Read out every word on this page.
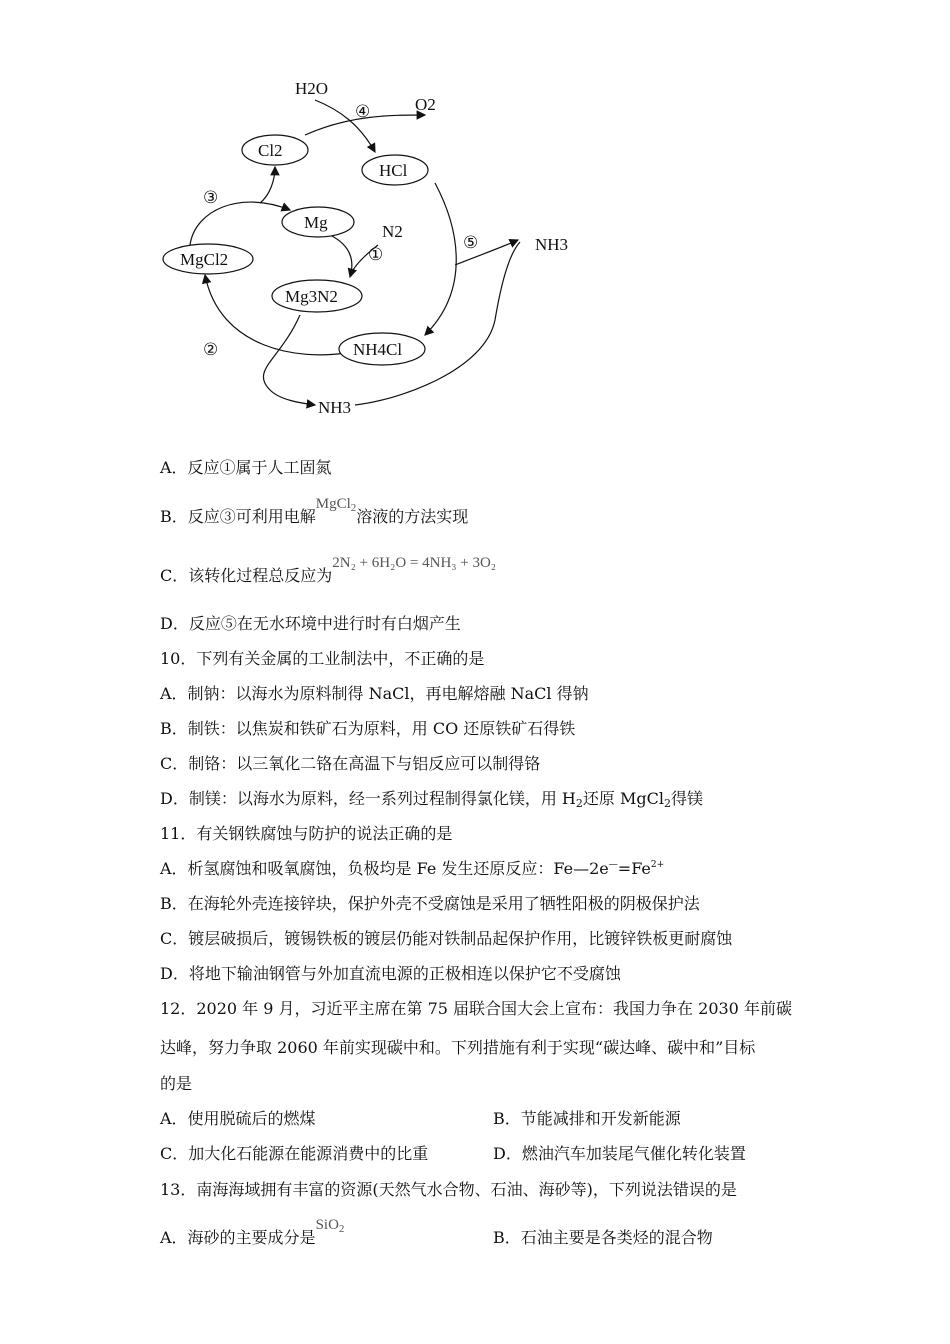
Cl2
HCl
Mg
MgCl2
Mg3N2
NH4Cl
H2O
O2
N2
NH3
NH3
①
②
③
④
⑤
A．反应①属于人工固氮
B．反应③可利用电解MgCl$_2$溶液的方法实现
C．该转化过程总反应为2N₂ + 6H₂O = 4NH₃ + 3O₂
D．反应⑤在无水环境中进行时有白烟产生
10．下列有关金属的工业制法中，不正确的是
A．制钠：以海水为原料制得 NaCl，再电解熔融 NaCl 得钠
B．制铁：以焦炭和铁矿石为原料，用 CO 还原铁矿石得铁
C．制铬：以三氧化二铬在高温下与铝反应可以制得铬
D．制镁：以海水为原料，经一系列过程制得氯化镁，用 H2还原 MgCl2得镁
11．有关钢铁腐蚀与防护的说法正确的是
A．析氢腐蚀和吸氧腐蚀，负极均是 Fe 发生还原反应：$Fe—2e^—=Fe^{2+}$
B．在海轮外壳连接锌块，保护外壳不受腐蚀是采用了牺牲阳极的阴极保护法
C．镀层破损后，镀锡铁板的镀层仍能对铁制品起保护作用，比镀锌铁板更耐腐蚀
D．将地下输油钢管与外加直流电源的正极相连以保护它不受腐蚀
12．2020 年 9 月，习近平主席在第 75 届联合国大会上宣布：我国力争在 2030 年前碳
达峰，努力争取 2060 年前实现碳中和。下列措施有利于实现“碳达峰、碳中和”目标
的是
A．使用脱硫后的燃煤	B．节能减排和开发新能源
C．加大化石能源在能源消费中的比重	D．燃油汽车加装尾气催化转化装置
13．南海海域拥有丰富的资源(天然气水合物、石油、海砂等)，下列说法错误的是
A．海砂的主要成分是SiO$_2$	B．石油主要是各类烃的混合物
